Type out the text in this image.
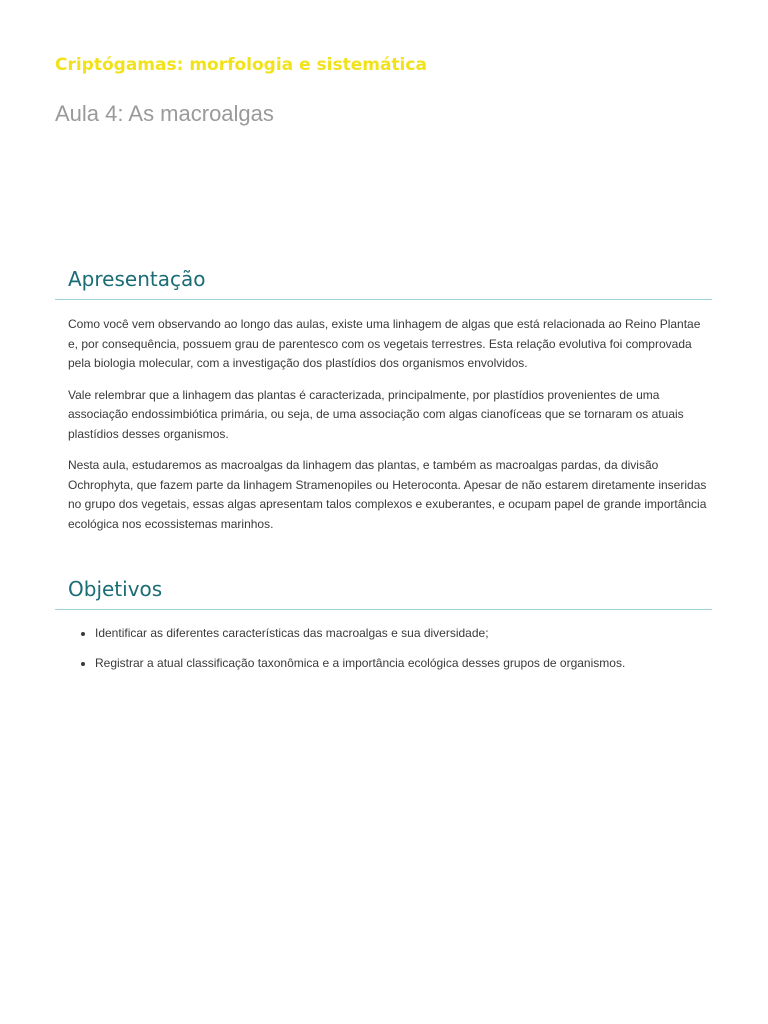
Criptógamas: morfologia e sistemática
Aula 4: As macroalgas
Apresentação

Como você vem observando ao longo das aulas, existe uma linhagem de algas que está relacionada ao Reino Plantae e, por consequência, possuem grau de parentesco com os vegetais terrestres. Esta relação evolutiva foi comprovada pela biologia molecular, com a investigação dos plastídios dos organismos envolvidos.

Vale relembrar que a linhagem das plantas é caracterizada, principalmente, por plastídios provenientes de uma associação endossimbiótica primária, ou seja, de uma associação com algas cianofíceas que se tornaram os atuais plastídios desses organismos.

Nesta aula, estudaremos as macroalgas da linhagem das plantas, e também as macroalgas pardas, da divisão Ochrophyta, que fazem parte da linhagem Stramenopiles ou Heteroconta. Apesar de não estarem diretamente inseridas no grupo dos vegetais, essas algas apresentam talos complexos e exuberantes, e ocupam papel de grande importância ecológica nos ecossistemas marinhos.

Objetivos
• Identificar as diferentes características das macroalgas e sua diversidade;
• Registrar a atual classificação taxonômica e a importância ecológica desses grupos de organismos.
